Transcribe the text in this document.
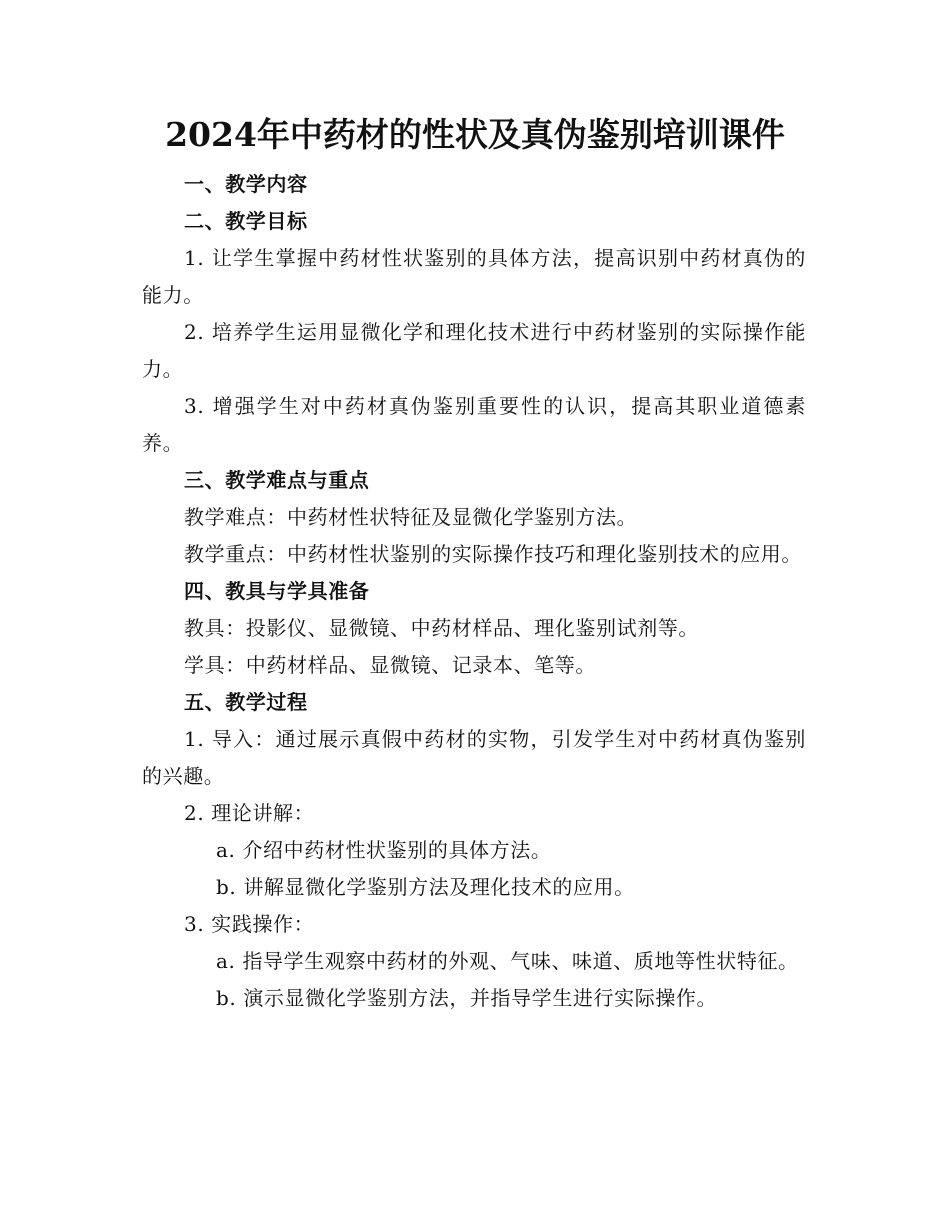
2024年中药材的性状及真伪鉴别培训课件

一、教学内容

二、教学目标

1. 让学生掌握中药材性状鉴别的具体方法，提高识别中药材真伪的能力。

2. 培养学生运用显微化学和理化技术进行中药材鉴别的实际操作能力。

3. 增强学生对中药材真伪鉴别重要性的认识，提高其职业道德素养。

三、教学难点与重点

教学难点：中药材性状特征及显微化学鉴别方法。

教学重点：中药材性状鉴别的实际操作技巧和理化鉴别技术的应用。

四、教具与学具准备

教具：投影仪、显微镜、中药材样品、理化鉴别试剂等。

学具：中药材样品、显微镜、记录本、笔等。

五、教学过程

1. 导入：通过展示真假中药材的实物，引发学生对中药材真伪鉴别的兴趣。

2. 理论讲解：

a. 介绍中药材性状鉴别的具体方法。

b. 讲解显微化学鉴别方法及理化技术的应用。

3. 实践操作：

a. 指导学生观察中药材的外观、气味、味道、质地等性状特征。

b. 演示显微化学鉴别方法，并指导学生进行实际操作。
